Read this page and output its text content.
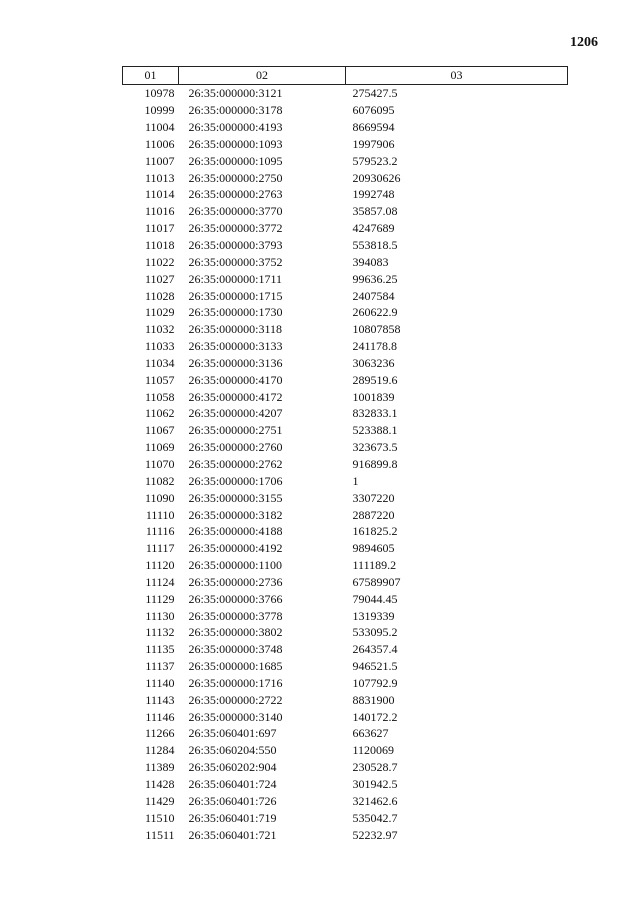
1206
01	02	03
10978	26:35:000000:3121	275427.5
10999	26:35:000000:3178	6076095
11004	26:35:000000:4193	8669594
11006	26:35:000000:1093	1997906
11007	26:35:000000:1095	579523.2
11013	26:35:000000:2750	20930626
11014	26:35:000000:2763	1992748
11016	26:35:000000:3770	35857.08
11017	26:35:000000:3772	4247689
11018	26:35:000000:3793	553818.5
11022	26:35:000000:3752	394083
11027	26:35:000000:1711	99636.25
11028	26:35:000000:1715	2407584
11029	26:35:000000:1730	260622.9
11032	26:35:000000:3118	10807858
11033	26:35:000000:3133	241178.8
11034	26:35:000000:3136	3063236
11057	26:35:000000:4170	289519.6
11058	26:35:000000:4172	1001839
11062	26:35:000000:4207	832833.1
11067	26:35:000000:2751	523388.1
11069	26:35:000000:2760	323673.5
11070	26:35:000000:2762	916899.8
11082	26:35:000000:1706	1
11090	26:35:000000:3155	3307220
11110	26:35:000000:3182	2887220
11116	26:35:000000:4188	161825.2
11117	26:35:000000:4192	9894605
11120	26:35:000000:1100	111189.2
11124	26:35:000000:2736	67589907
11129	26:35:000000:3766	79044.45
11130	26:35:000000:3778	1319339
11132	26:35:000000:3802	533095.2
11135	26:35:000000:3748	264357.4
11137	26:35:000000:1685	946521.5
11140	26:35:000000:1716	107792.9
11143	26:35:000000:2722	8831900
11146	26:35:000000:3140	140172.2
11266	26:35:060401:697	663627
11284	26:35:060204:550	1120069
11389	26:35:060202:904	230528.7
11428	26:35:060401:724	301942.5
11429	26:35:060401:726	321462.6
11510	26:35:060401:719	535042.7
11511	26:35:060401:721	52232.97
